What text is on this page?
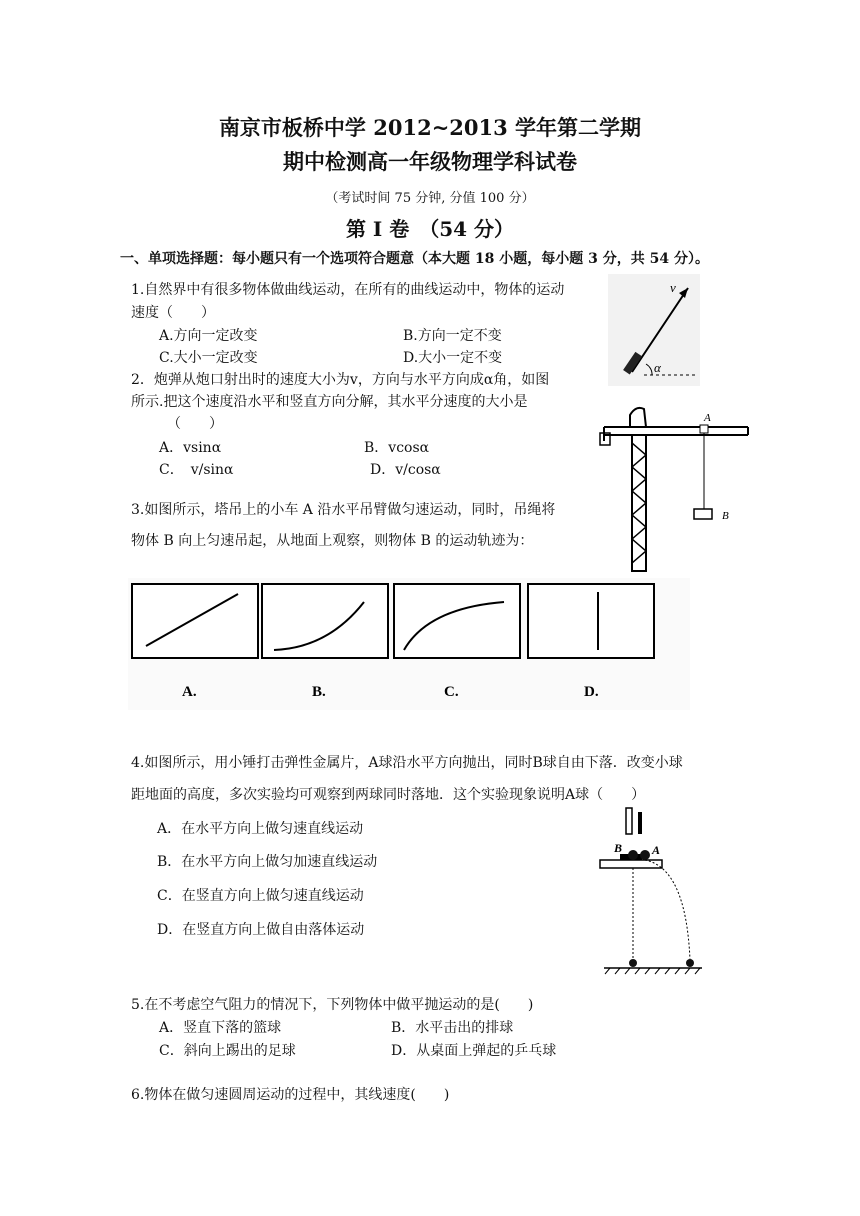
南京市板桥中学 2012~2013 学年第二学期
期中检测高一年级物理学科试卷
（考试时间 75 分钟, 分值 100 分）
第 Ⅰ 卷　（54 分）
一、单项选择题：每小题只有一个选项符合题意（本大题 18 小题，每小题 3 分，共 54 分）。
1.自然界中有很多物体做曲线运动，在所有的曲线运动中，物体的运动
速度（　　）
A.方向一定改变	B.方向一定不变
C.大小一定改变	D.大小一定不变
v
α
2．炮弹从炮口射出时的速度大小为v，方向与水平方向成α角，如图
所示.把这个速度沿水平和竖直方向分解，其水平分速度的大小是
（　　）
A．vsinα	B．vcosα
C．　v/sinα	D．v/cosα
A
B
3.如图所示，塔吊上的小车 A 沿水平吊臂做匀速运动，同时，吊绳将
物体 B 向上匀速吊起，从地面上观察，则物体 B 的运动轨迹为：
A.	B.	C.	D.
4.如图所示，用小锤打击弹性金属片，A球沿水平方向抛出，同时B球自由下落．改变小球
距地面的高度，多次实验均可观察到两球同时落地．这个实验现象说明A球（　　）
A．在水平方向上做匀速直线运动
B．在水平方向上做匀加速直线运动
C．在竖直方向上做匀速直线运动
D．在竖直方向上做自由落体运动
B A
5.在不考虑空气阻力的情况下，下列物体中做平抛运动的是(　　)
A．竖直下落的篮球	B．水平击出的排球
C．斜向上踢出的足球	D．从桌面上弹起的乒乓球
6.物体在做匀速圆周运动的过程中，其线速度(　　)
